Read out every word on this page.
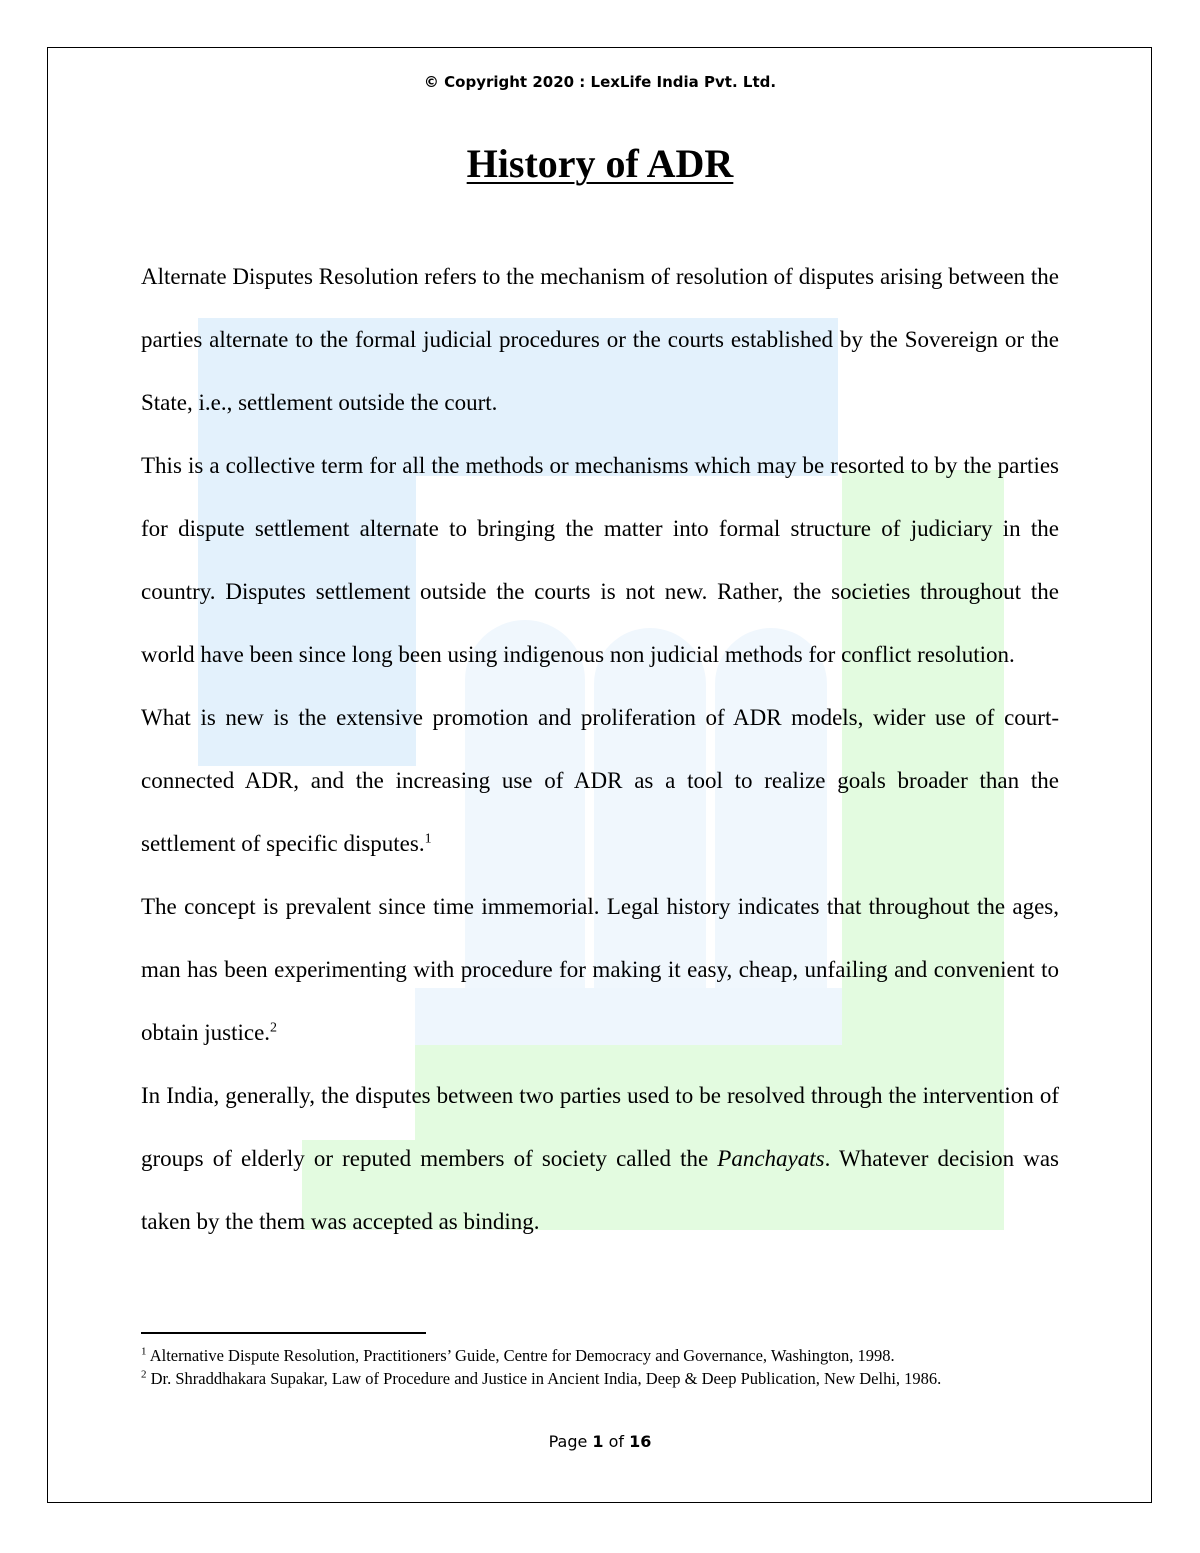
© Copyright 2020 : LexLife India Pvt. Ltd.
History of ADR

Alternate Disputes Resolution refers to the mechanism of resolution of disputes arising between the parties alternate to the formal judicial procedures or the courts established by the Sovereign or the State, i.e., settlement outside the court.

This is a collective term for all the methods or mechanisms which may be resorted to by the parties for dispute settlement alternate to bringing the matter into formal structure of judiciary in the country. Disputes settlement outside the courts is not new. Rather, the societies throughout the world have been since long been using indigenous non judicial methods for conflict resolution.

What is new is the extensive promotion and proliferation of ADR models, wider use of court-connected ADR, and the increasing use of ADR as a tool to realize goals broader than the settlement of specific disputes.$^1$

The concept is prevalent since time immemorial. Legal history indicates that throughout the ages, man has been experimenting with procedure for making it easy, cheap, unfailing and convenient to obtain justice.$^2$

In India, generally, the disputes between two parties used to be resolved through the intervention of groups of elderly or reputed members of society called the Panchayats. Whatever decision was taken by the them was accepted as binding.

$^1$ Alternative Dispute Resolution, Practitioners’ Guide, Centre for Democracy and Governance, Washington, 1998.

$^2$ Dr. Shraddhakara Supakar, Law of Procedure and Justice in Ancient India, Deep & Deep Publication, New Delhi, 1986.

Page 1 of 16
